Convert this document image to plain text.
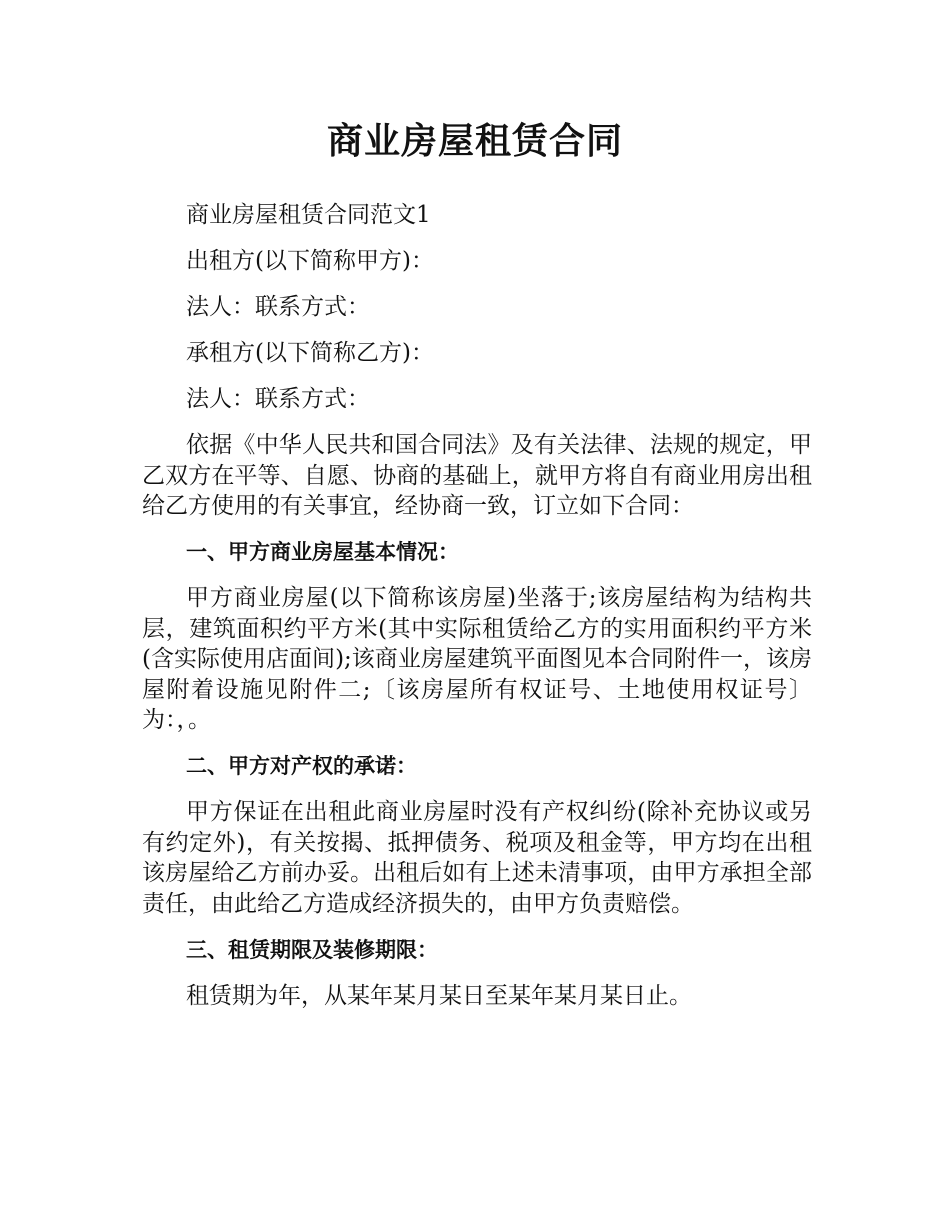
商业房屋租赁合同

商业房屋租赁合同范文1

出租方(以下简称甲方)：

法人：联系方式：

承租方(以下简称乙方)：

法人：联系方式：

依据《中华人民共和国合同法》及有关法律、法规的规定，甲乙双方在平等、自愿、协商的基础上，就甲方将自有商业用房出租给乙方使用的有关事宜，经协商一致，订立如下合同：

一、甲方商业房屋基本情况：

甲方商业房屋(以下简称该房屋)坐落于;该房屋结构为结构共层，建筑面积约平方米(其中实际租赁给乙方的实用面积约平方米(含实际使用店面间);该商业房屋建筑平面图见本合同附件一，该房屋附着设施见附件二;〔该房屋所有权证号、土地使用权证号〕为：，。

二、甲方对产权的承诺：

甲方保证在出租此商业房屋时没有产权纠纷(除补充协议或另有约定外)，有关按揭、抵押债务、税项及租金等，甲方均在出租该房屋给乙方前办妥。出租后如有上述未清事项，由甲方承担全部责任，由此给乙方造成经济损失的，由甲方负责赔偿。

三、租赁期限及装修期限：

租赁期为年，从某年某月某日至某年某月某日止。
